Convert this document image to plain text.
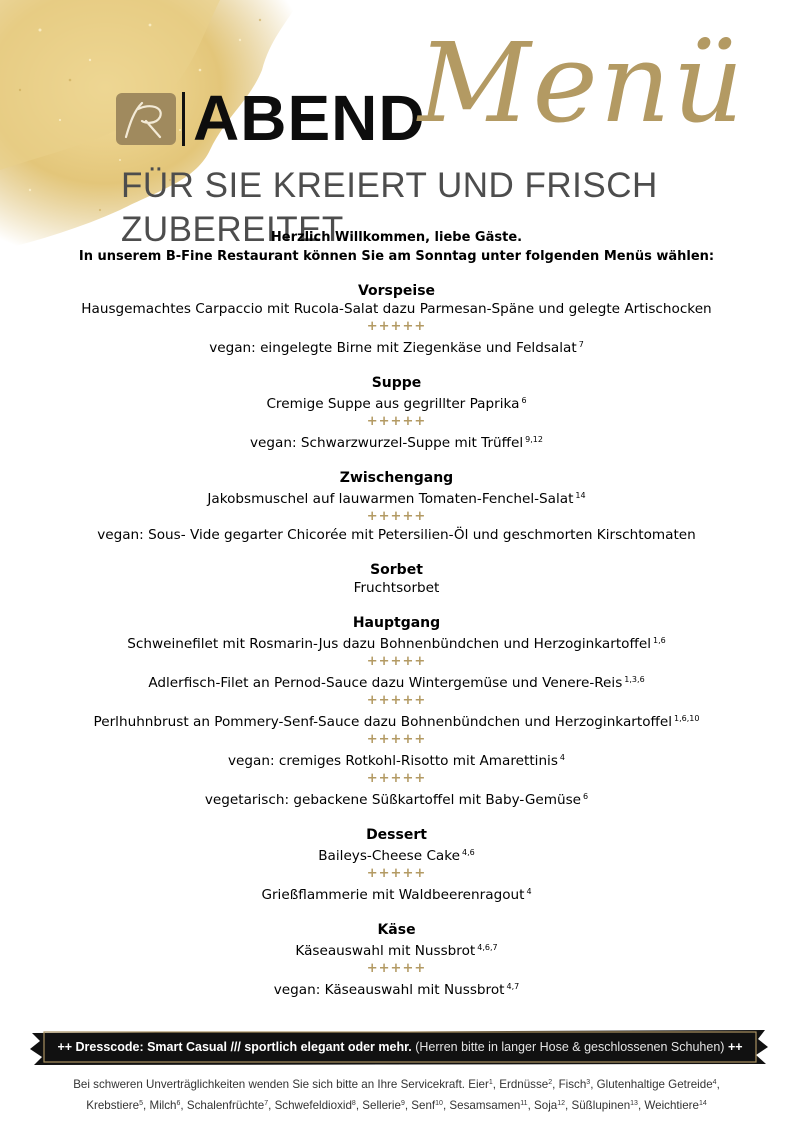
ABEND
Menü
FÜR SIE KREIERT UND FRISCH ZUBEREITET
Herzlich Willkommen, liebe Gäste.
In unserem B-Fine Restaurant können Sie am Sonntag unter folgenden Menüs wählen:

Vorspeise

Hausgemachtes Carpaccio mit Rucola-Salat dazu Parmesan-Späne und gelegte Artischocken

+++++

vegan: eingelegte Birne mit Ziegenkäse und Feldsalat $^7$

Suppe

Cremige Suppe aus gegrillter Paprika $^6$

+++++

vegan: Schwarzwurzel-Suppe mit Trüffel $^{9,12}$

Zwischengang

Jakobsmuschel auf lauwarmen Tomaten-Fenchel-Salat $^{14}$

+++++

vegan: Sous- Vide gegarter Chicorée mit Petersilien-Öl und geschmorten Kirschtomaten

Sorbet

Fruchtsorbet

Hauptgang

Schweinefilet mit Rosmarin-Jus dazu Bohnenbündchen und Herzoginkartoffel $^{1,6}$

+++++

Adlerfisch-Filet an Pernod-Sauce dazu Wintergemüse und Venere-Reis $^{1,3,6}$

+++++

Perlhuhnbrust an Pommery-Senf-Sauce dazu Bohnenbündchen und Herzoginkartoffel $^{1,6,10}$

+++++

vegan: cremiges Rotkohl-Risotto mit Amarettinis $^4$

+++++

vegetarisch: gebackene Süßkartoffel mit Baby-Gemüse $^6$

Dessert

Baileys-Cheese Cake $^{4,6}$

+++++

Grießflammerie mit Waldbeerenragout $^4$

Käse

Käseauswahl mit Nussbrot $^{4,6,7}$

+++++

vegan: Käseauswahl mit Nussbrot $^{4,7}$

++ Dresscode: Smart Casual /// sportlich elegant oder mehr.
(Herren bitte in langer Hose & geschlossenen Schuhen)
++
Bei schweren Unverträglichkeiten wenden Sie sich bitte an Ihre Servicekraft. Eier$^1$, Erdnüsse$^2$, Fisch$^3$, Glutenhaltige Getreide$^4$,
Krebstiere$^5$, Milch$^6$, Schalenfrüchte$^7$, Schwefeldioxid$^8$, Sellerie$^9$, Senf$^{10}$, Sesamsamen$^{11}$, Soja$^{12}$, Süßlupinen$^{13}$, Weichtiere$^{14}$
